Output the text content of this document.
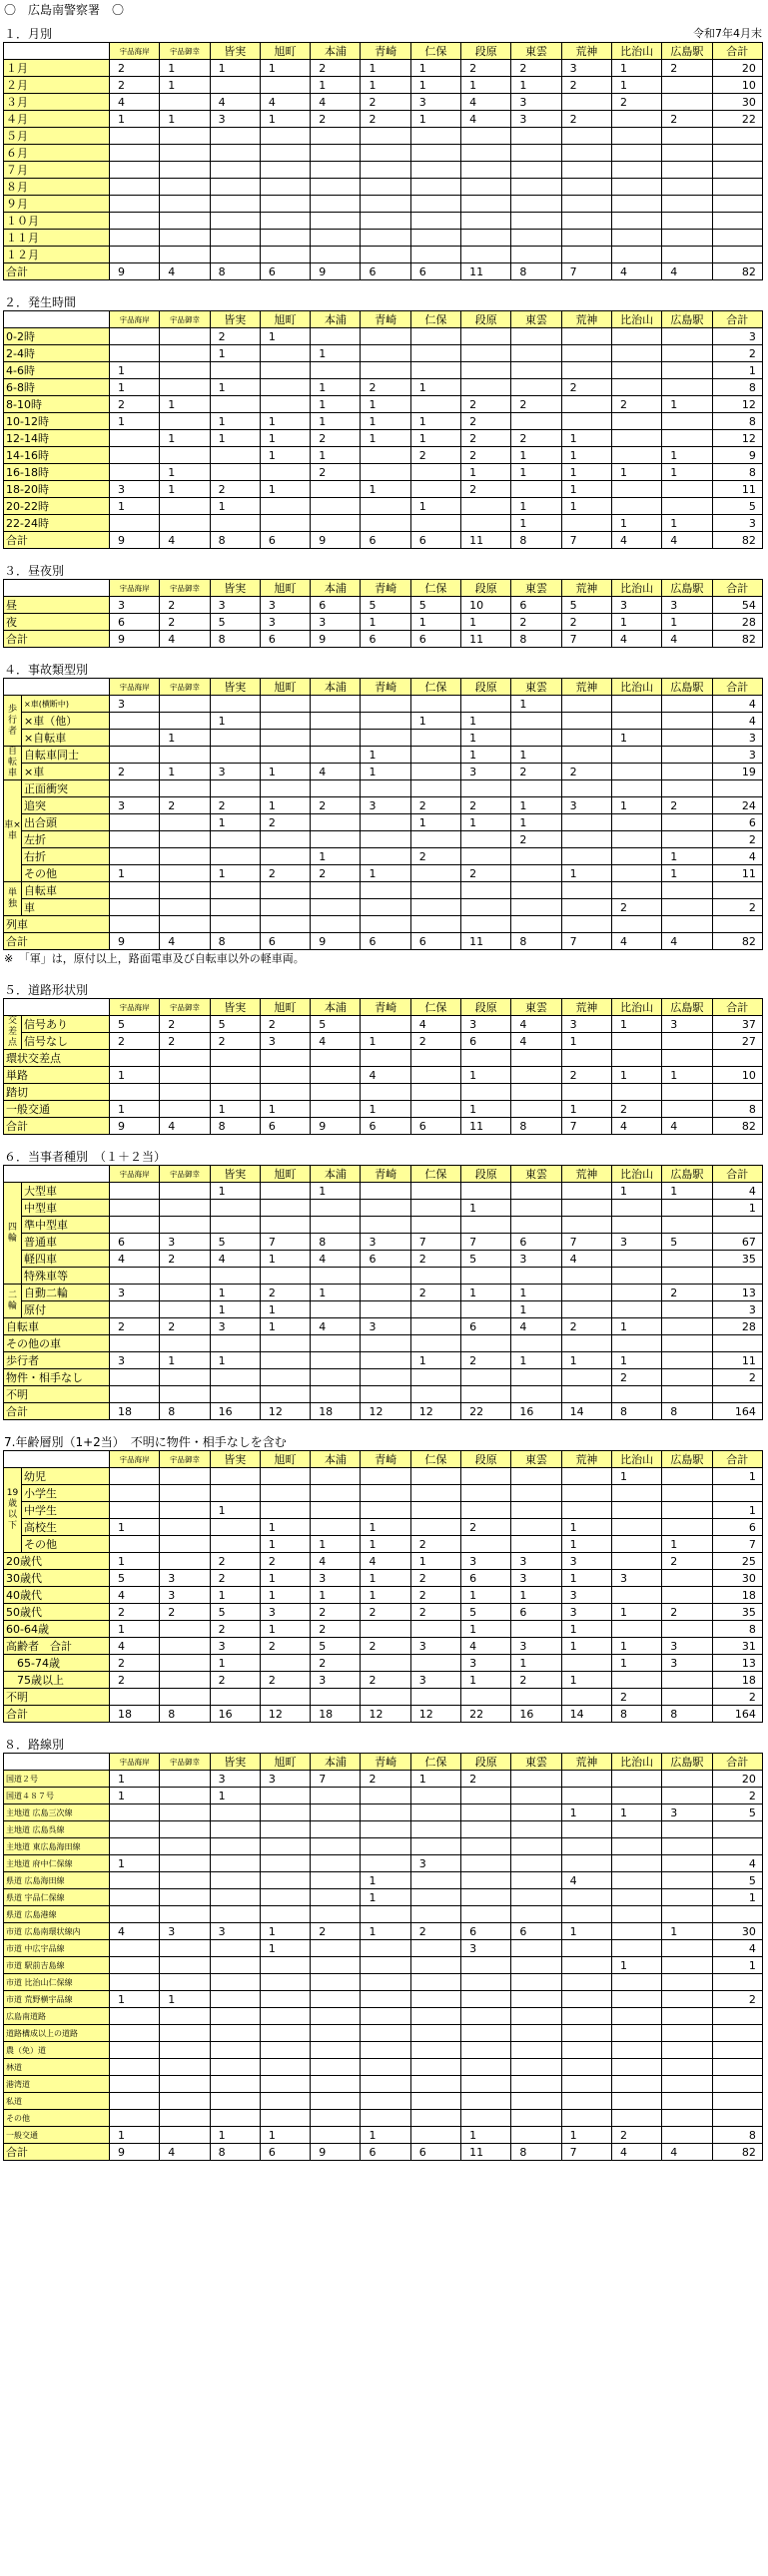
〇　広島南警察署　〇
１．月別	令和7年4月末
	宇品海岸	宇品御幸	皆実	旭町	本浦	青崎	仁保	段原	東雲	荒神	比治山	広島駅	合計
１月	2	1	1	1	2	1	1	2	2	3	1	2	20
２月	2	1			1	1	1	1	1	2	1		10
３月	4		4	4	4	2	3	4	3		2		30
４月	1	1	3	1	2	2	1	4	3	2		2	22
５月													
６月													
７月													
８月													
９月													
１０月													
１１月													
１２月													
合計	9	4	8	6	9	6	6	11	8	7	4	4	82
２．発生時間
	宇品海岸	宇品御幸	皆実	旭町	本浦	青崎	仁保	段原	東雲	荒神	比治山	広島駅	合計
0-2時			2	1									3
2-4時			1		1								2
4-6時	1												1
6-8時	1		1		1	2	1			2			8
8-10時	2	1			1	1		2	2		2	1	12
10-12時	1		1	1	1	1	1	2					8
12-14時		1	1	1	2	1	1	2	2	1			12
14-16時				1	1		2	2	1	1		1	9
16-18時		1			2			1	1	1	1	1	8
18-20時	3	1	2	1		1		2		1			11
20-22時	1		1				1		1	1			5
22-24時									1		1	1	3
合計	9	4	8	6	9	6	6	11	8	7	4	4	82
３．昼夜別
	宇品海岸	宇品御幸	皆実	旭町	本浦	青崎	仁保	段原	東雲	荒神	比治山	広島駅	合計
昼	3	2	3	3	6	5	5	10	6	5	3	3	54
夜	6	2	5	3	3	1	1	1	2	2	1	1	28
合計	9	4	8	6	9	6	6	11	8	7	4	4	82
４．事故類型別
		宇品海岸	宇品御幸	皆実	旭町	本浦	青崎	仁保	段原	東雲	荒神	比治山	広島駅	合計
歩行者	×車(横断中)	3								1				4
	×車（他）			1				1	1					4
	×自転車		1						1			1		3
自転車	自転車同士						1		1	1				3
	×車	2	1	3	1	4	1		3	2	2			19
車×車	正面衝突													
	追突	3	2	2	1	2	3	2	2	1	3	1	2	24
	出合頭			1	2			1	1	1				6
	左折									2				2
	右折					1		2					1	4
	その他	1		1	2	2	1		2		1		1	11
単独	自転車													
	車											2		2
列車														
合計		9	4	8	6	9	6	6	11	8	7	4	4	82
※　「軍」は，原付以上，路面電車及び自転車以外の軽車両。
５．道路形状別
		宇品海岸	宇品御幸	皆実	旭町	本浦	青崎	仁保	段原	東雲	荒神	比治山	広島駅	合計
交差点	信号あり	5	2	5	2	5		4	3	4	3	1	3	37
	信号なし	2	2	2	3	4	1	2	6	4	1			27
環状交差点														
単路		1					4		1		2	1	1	10
踏切														
一般交通		1		1	1		1		1		1	2		8
合計		9	4	8	6	9	6	6	11	8	7	4	4	82
６．当事者種別　（１＋２当）
		宇品海岸	宇品御幸	皆実	旭町	本浦	青崎	仁保	段原	東雲	荒神	比治山	広島駅	合計
四輪	大型車			1		1						1	1	4
	中型車								1					1
	準中型車													
	普通車	6	3	5	7	8	3	7	7	6	7	3	5	67
	軽四車	4	2	4	1	4	6	2	5	3	4			35
	特殊車等													
二輪	自動二輪	3		1	2	1		2	1	1			2	13
	原付			1	1					1				3
自転車		2	2	3	1	4	3		6	4	2	1		28
その他の車														
歩行者		3	1	1				1	2	1	1	1		11
物件・相手なし												2		2
不明														
合計		18	8	16	12	18	12	12	22	16	14	8	8	164
7.年齢層別（1+2当）　不明に物件・相手なしを含む
		宇品海岸	宇品御幸	皆実	旭町	本浦	青崎	仁保	段原	東雲	荒神	比治山	広島駅	合計
19歳以下	幼児											1		1
	小学生													
	中学生			1										1
	高校生	1			1		1		2		1			6
	その他				1	1	1	2			1		1	7
20歳代		1		2	2	4	4	1	3	3	3		2	25
30歳代		5	3	2	1	3	1	2	6	3	1	3		30
40歳代		4	3	1	1	1	1	2	1	1	3			18
50歳代		2	2	5	3	2	2	2	5	6	3	1	2	35
60-64歳		1		2	1	2			1		1			8
高齢者　合計		4		3	2	5	2	3	4	3	1	1	3	31
　65-74歳		2		1		2			3	1		1	3	13
　75歳以上		2		2	2	3	2	3	1	2	1			18
不明												2		2
合計		18	8	16	12	18	12	12	22	16	14	8	8	164
８．路線別
	宇品海岸	宇品御幸	皆実	旭町	本浦	青崎	仁保	段原	東雲	荒神	比治山	広島駅	合計
国道２号	1		3	3	7	2	1	2					20
国道４８７号	1		1										2
主地道 広島三次線										1	1	3	5
主地道 広島呉線													
主地道 東広島海田線													
主地道 府中仁保線	1						3						4
県道 広島海田線						1				4			5
県道 宇品仁保線						1							1
県道 広島港線													
市道 広島南環状線内	4	3	3	1	2	1	2	6	6	1		1	30
市道 中広宇品線				1				3					4
市道 駅前吉島線											1		1
市道 比治山仁保線													
市道 荒野横宇品線	1	1											2
広島南道路													
道路構成以上の道路													
農（免）道													
林道													
港湾道													
私道													
その他													
一般交通	1		1	1		1		1		1	2		8
合計	9	4	8	6	9	6	6	11	8	7	4	4	82
